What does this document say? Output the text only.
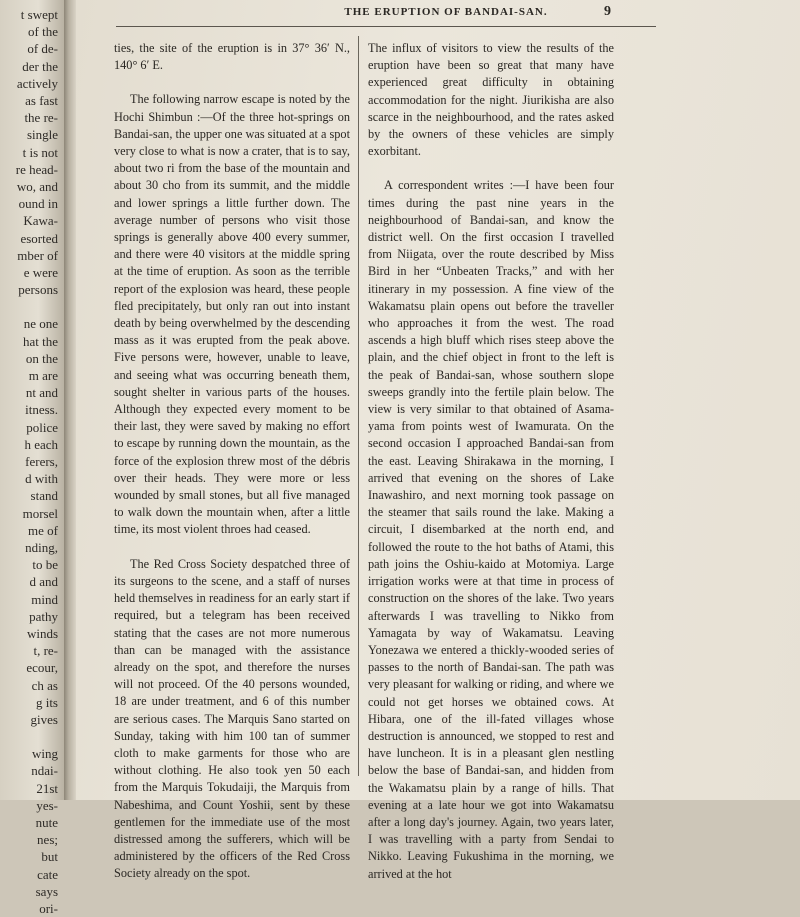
t swept
of the
of de-
der the
actively
as fast
the re-
single
t is not
re head-
wo, and
ound in
Kawa-
esorted
mber of
e were
persons
ne one
hat the
on the
m are
nt and
itness.
police
h each
ferers,
d with
stand
morsel
me of
nding,
to be
d and
mind
pathy
winds
t, re-
ecour,
ch as
g its
gives
wing
ndai-
21st
yes-
nute
nes;
but
cate
says
ori-
THE ERUPTION OF BANDAI-SAN.	9

ties, the site of the eruption is in 37° 36′ N., 140° 6′ E.

The following narrow escape is noted by the Hochi Shimbun :—Of the three hot-springs on Bandai-san, the upper one was situated at a spot very close to what is now a crater, that is to say, about two ri from the base of the mountain and about 30 cho from its summit, and the middle and lower springs a little further down. The average number of persons who visit those springs is generally above 400 every summer, and there were 40 visitors at the middle spring at the time of eruption. As soon as the terrible report of the explosion was heard, these people fled precipitately, but only ran out into instant death by being overwhelmed by the descending mass as it was erupted from the peak above. Five persons were, however, unable to leave, and seeing what was occurring beneath them, sought shelter in various parts of the houses. Although they expected every moment to be their last, they were saved by making no effort to escape by running down the mountain, as the force of the explosion threw most of the débris over their heads. They were more or less wounded by small stones, but all five managed to walk down the mountain when, after a little time, its most violent throes had ceased.

The Red Cross Society despatched three of its surgeons to the scene, and a staff of nurses held themselves in readiness for an early start if required, but a telegram has been received stating that the cases are not more numerous than can be managed with the assistance already on the spot, and therefore the nurses will not proceed. Of the 40 persons wounded, 18 are under treatment, and 6 of this number are serious cases. The Marquis Sano started on Sunday, taking with him 100 tan of summer cloth to make garments for those who are without clothing. He also took yen 50 each from the Marquis Tokudaiji, the Marquis from Nabeshima, and Count Yoshii, sent by these gentlemen for the immediate use of the most distressed among the sufferers, which will be administered by the officers of the Red Cross Society already on the spot.

The influx of visitors to view the results of the eruption have been so great that many have experienced great difficulty in obtaining accommodation for the night. Jiurikisha are also scarce in the neighbourhood, and the rates asked by the owners of these vehicles are simply exorbitant.

A correspondent writes :—I have been four times during the past nine years in the neighbourhood of Bandai-san, and know the district well. On the first occasion I travelled from Niigata, over the route described by Miss Bird in her “Unbeaten Tracks,” and with her itinerary in my possession. A fine view of the Wakamatsu plain opens out before the traveller who approaches it from the west. The road ascends a high bluff which rises steep above the plain, and the chief object in front to the left is the peak of Bandai-san, whose southern slope sweeps grandly into the fertile plain below. The view is very similar to that obtained of Asama-yama from points west of Iwamurata. On the second occasion I approached Bandai-san from the east. Leaving Shirakawa in the morning, I arrived that evening on the shores of Lake Inawashiro, and next morning took passage on the steamer that sails round the lake. Making a circuit, I disembarked at the north end, and followed the route to the hot baths of Atami, this path joins the Oshiu-kaido at Motomiya. Large irrigation works were at that time in process of construction on the shores of the lake. Two years afterwards I was travelling to Nikko from Yamagata by way of Wakamatsu. Leaving Yonezawa we entered a thickly-wooded series of passes to the north of Bandai-san. The path was very pleasant for walking or riding, and where we could not get horses we obtained cows. At Hibara, one of the ill-fated villages whose destruction is announced, we stopped to rest and have luncheon. It is in a pleasant glen nestling below the base of Bandai-san, and hidden from the Wakamatsu plain by a range of hills. That evening at a late hour we got into Wakamatsu after a long day's journey. Again, two years later, I was travelling with a party from Sendai to Nikko. Leaving Fukushima in the morning, we arrived at the hot
